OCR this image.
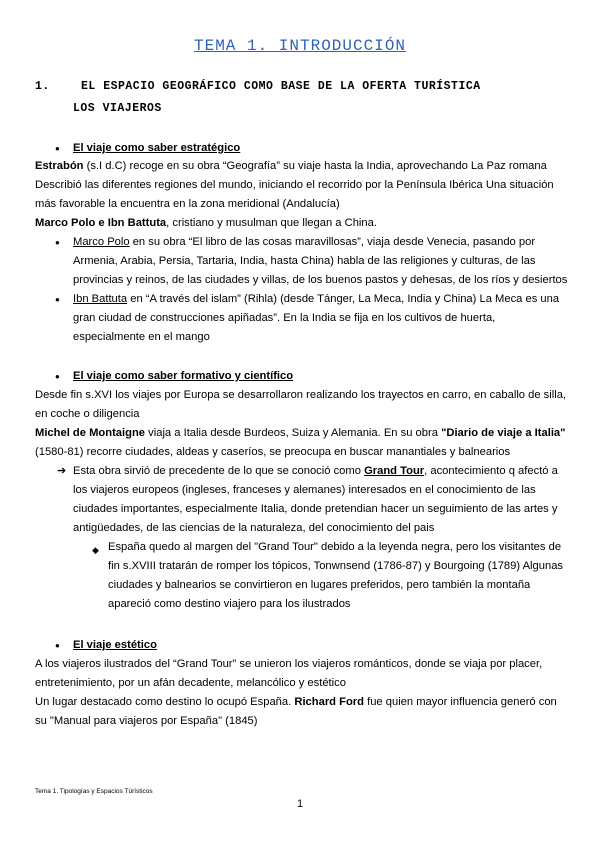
TEMA 1. INTRODUCCIÓN
1.	EL ESPACIO GEOGRÁFICO COMO BASE DE LA OFERTA TURÍSTICA
LOS VIAJEROS
● El viaje como saber estratégico
Estrabón (s.I d.C) recoge en su obra “Geografía” su viaje hasta la India, aprovechando La Paz romana
Describió las diferentes regiones del mundo, iniciando el recorrido por la Península Ibérica Una situación
más favorable la encuentra en la zona meridional (Andalucía)
Marco Polo e Ibn Battuta, cristiano y musulman que llegan a China.
● Marco Polo en su obra “El libro de las cosas maravillosas”, viaja desde Venecia, pasando por
Armenia, Arabia, Persia, Tartaria, India, hasta China) habla de las religiones y culturas, de las
provincias y reinos, de las ciudades y villas, de los buenos pastos y dehesas, de los ríos y desiertos
● Ibn Battuta en “A través del islam” (Rihla) (desde Tánger, La Meca, India y China) La Meca es una
gran ciudad de construcciones apiñadas”. En la India se fija en los cultivos de huerta,
especialmente en el mango
● El viaje como saber formativo y científico
Desde fin s.XVI los viajes por Europa se desarrollaron realizando los trayectos en carro, en caballo de silla,
en coche o diligencia
Michel de Montaigne viaja a Italia desde Burdeos, Suiza y Alemania. En su obra "Diario de viaje a Italia"
(1580-81) recorre ciudades, aldeas y caseríos, se preocupa en buscar manantiales y balnearios
➔ Esta obra sirvió de precedente de lo que se conoció como Grand Tour, acontecimiento q afectó a
los viajeros europeos (ingleses, franceses y alemanes) interesados en el conocimiento de las
ciudades importantes, especialmente Italia, donde pretendian hacer un seguimiento de las artes y
antigüedades, de las ciencias de la naturaleza, del conocimiento del pais
◆ España quedo al margen del "Grand Tour" debido a la leyenda negra, pero los visitantes de
fin s.XVIII tratarán de romper los tópicos, Tonwnsend (1786-87) y Bourgoing (1789) Algunas
ciudades y balnearios se convirtieron en lugares preferidos, pero también la montaña
apareció como destino viajero para los ilustrados
● El viaje estético
A los viajeros ilustrados del “Grand Tour” se unieron los viajeros románticos, donde se viaja por placer,
entretenimiento, por un afán decadente, melancólico y estético
Un lugar destacado como destino lo ocupó España. Richard Ford fue quien mayor influencia generó con
su "Manual para viajeros por España" (1845)
Tema 1. Tipologías y Espacios Túrísticos
1
